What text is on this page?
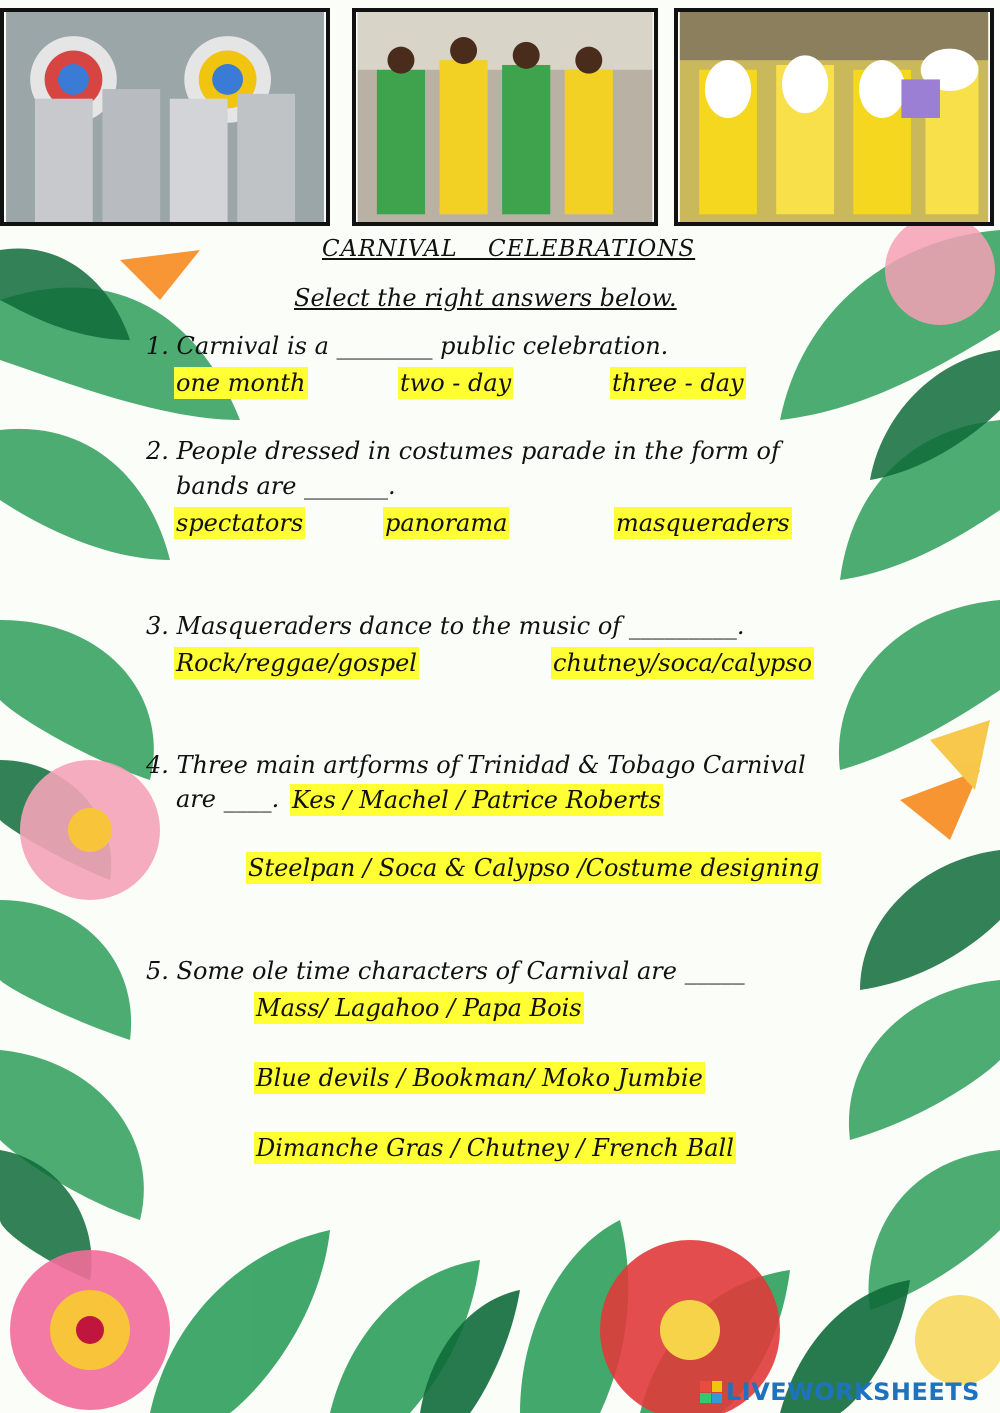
CARNIVAL CELEBRATIONS
Select the right answers below.
1. Carnival is a ________ public celebration.
one month	two - day	three - day
2. People dressed in costumes parade in the form of
bands are _______.
spectators	panorama	masqueraders
3. Masqueraders dance to the music of _________.
Rock/reggae/gospel	chutney/soca/calypso
4. Three main artforms of Trinidad & Tobago Carnival
are ____. Kes / Machel / Patrice Roberts
Steelpan / Soca & Calypso /Costume designing
5. Some ole time characters of Carnival are _____
Mass/ Lagahoo / Papa Bois
Blue devils / Bookman/ Moko Jumbie
Dimanche Gras / Chutney / French Ball
LIVEWORKSHEETS
